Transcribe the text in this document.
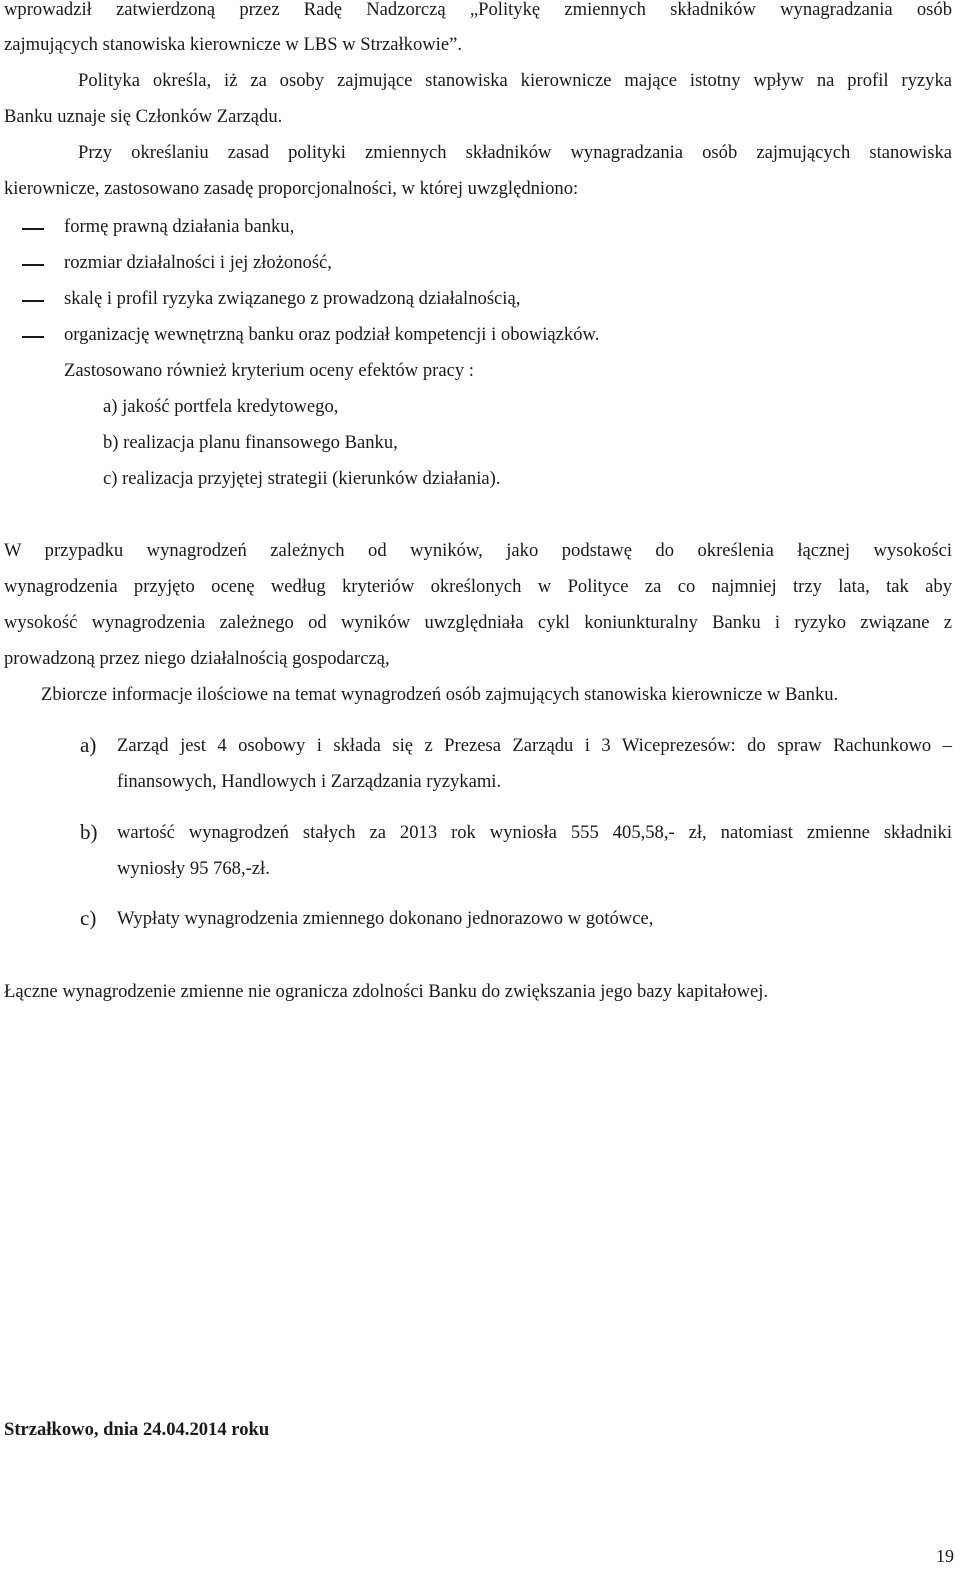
wprowadził zatwierdzoną przez Radę Nadzorczą „Politykę zmiennych składników wynagradzania osób
zajmujących stanowiska kierownicze w LBS w Strzałkowie”.
Polityka określa, iż za osoby zajmujące stanowiska kierownicze mające istotny wpływ na profil ryzyka
Banku uznaje się Członków Zarządu.
Przy określaniu zasad polityki zmiennych składników wynagradzania osób zajmujących stanowiska
kierownicze, zastosowano zasadę proporcjonalności, w której uwzględniono:
formę prawną działania banku,
rozmiar działalności i jej złożoność,
skalę i profil ryzyka związanego z prowadzoną działalnością,
organizację wewnętrzną banku oraz podział kompetencji i obowiązków.
Zastosowano również kryterium oceny efektów pracy :
a) jakość portfela kredytowego,
b) realizacja planu finansowego Banku,
c) realizacja przyjętej strategii (kierunków działania).
W przypadku wynagrodzeń zależnych od wyników, jako podstawę do określenia łącznej wysokości
wynagrodzenia przyjęto ocenę według kryteriów określonych w Polityce za co najmniej trzy lata, tak aby
wysokość wynagrodzenia zależnego od wyników uwzględniała cykl koniunkturalny Banku i ryzyko związane z
prowadzoną przez niego działalnością gospodarczą,
Zbiorcze informacje ilościowe na temat wynagrodzeń osób zajmujących stanowiska kierownicze w Banku.
a) Zarząd jest 4 osobowy i składa się z Prezesa Zarządu i 3 Wiceprezesów: do spraw Rachunkowo –
finansowych, Handlowych i Zarządzania ryzykami.
b) wartość wynagrodzeń stałych za 2013 rok wyniosła 555 405,58,- zł, natomiast zmienne składniki
wyniosły 95 768,-zł.
c) Wypłaty wynagrodzenia zmiennego dokonano jednorazowo w gotówce,
Łączne wynagrodzenie zmienne nie ogranicza zdolności Banku do zwiększania jego bazy kapitałowej.
Strzałkowo, dnia 24.04.2014 roku
19
